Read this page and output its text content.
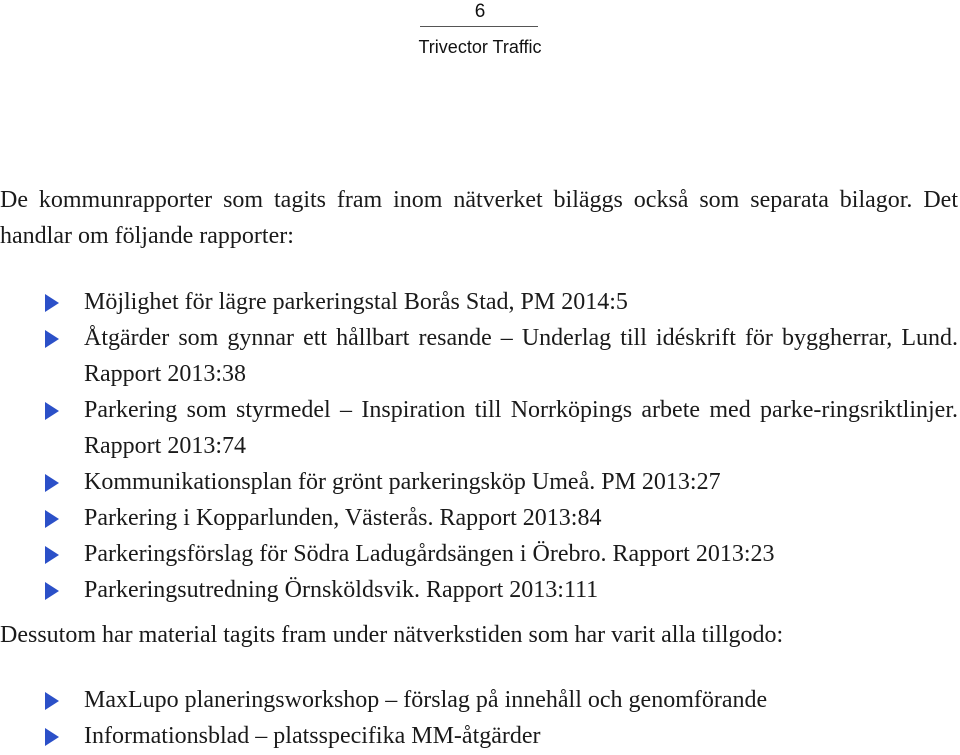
6
Trivector Traffic

De kommunrapporter som tagits fram inom nätverket biläggs också som separata bilagor. Det handlar om följande rapporter:

Möjlighet för lägre parkeringstal Borås Stad, PM 2014:5
Åtgärder som gynnar ett hållbart resande – Underlag till idéskrift för byggherrar, Lund. Rapport 2013:38
Parkering som styrmedel – Inspiration till Norrköpings arbete med parke-ringsriktlinjer. Rapport 2013:74
Kommunikationsplan för grönt parkeringsköp Umeå. PM 2013:27
Parkering i Kopparlunden, Västerås. Rapport 2013:84
Parkeringsförslag för Södra Ladugårdsängen i Örebro. Rapport 2013:23
Parkeringsutredning Örnsköldsvik. Rapport 2013:111

Dessutom har material tagits fram under nätverkstiden som har varit alla tillgodo:

MaxLupo planeringsworkshop – förslag på innehåll och genomförande
Informationsblad – platsspecifika MM-åtgärder
